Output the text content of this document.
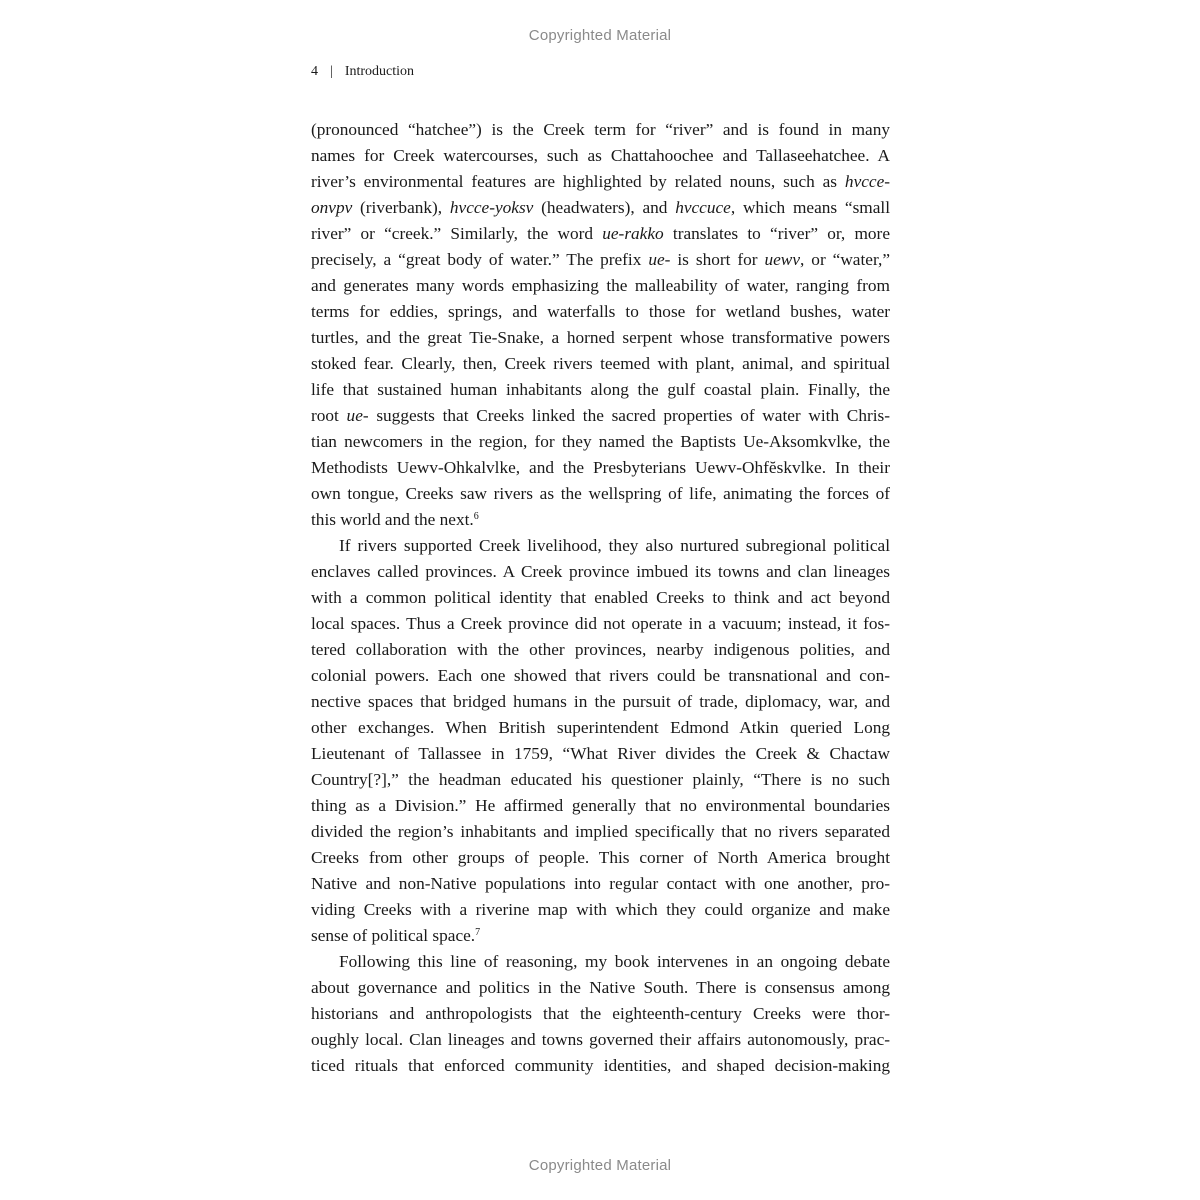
Copyrighted Material
4 | Introduction
(pronounced “hatchee”) is the Creek term for “river” and is found in many
names for Creek watercourses, such as Chattahoochee and Tallaseehatchee. A
river’s environmental features are highlighted by related nouns, such as hvcce-
onvpv (riverbank), hvcce-yoksv (headwaters), and hvccuce, which means “small
river” or “creek.” Similarly, the word ue-rakko translates to “river” or, more
precisely, a “great body of water.” The prefix ue- is short for uewv, or “water,”
and generates many words emphasizing the malleability of water, ranging from
terms for eddies, springs, and waterfalls to those for wetland bushes, water
turtles, and the great Tie-Snake, a horned serpent whose transformative powers
stoked fear. Clearly, then, Creek rivers teemed with plant, animal, and spiritual
life that sustained human inhabitants along the gulf coastal plain. Finally, the
root ue- suggests that Creeks linked the sacred properties of water with Chris-
tian newcomers in the region, for they named the Baptists Ue-Aksomkvlke, the
Methodists Uewv-Ohkalvlke, and the Presbyterians Uewv-Ohfĕskvlke. In their
own tongue, Creeks saw rivers as the wellspring of life, animating the forces of
this world and the next.$^6$
If rivers supported Creek livelihood, they also nurtured subregional political
enclaves called provinces. A Creek province imbued its towns and clan lineages
with a common political identity that enabled Creeks to think and act beyond
local spaces. Thus a Creek province did not operate in a vacuum; instead, it fos-
tered collaboration with the other provinces, nearby indigenous polities, and
colonial powers. Each one showed that rivers could be transnational and con-
nective spaces that bridged humans in the pursuit of trade, diplomacy, war, and
other exchanges. When British superintendent Edmond Atkin queried Long
Lieutenant of Tallassee in 1759, “What River divides the Creek & Chactaw
Country[?],” the headman educated his questioner plainly, “There is no such
thing as a Division.” He affirmed generally that no environmental boundaries
divided the region’s inhabitants and implied specifically that no rivers separated
Creeks from other groups of people. This corner of North America brought
Native and non-Native populations into regular contact with one another, pro-
viding Creeks with a riverine map with which they could organize and make
sense of political space.$^7$
Following this line of reasoning, my book intervenes in an ongoing debate
about governance and politics in the Native South. There is consensus among
historians and anthropologists that the eighteenth-century Creeks were thor-
oughly local. Clan lineages and towns governed their affairs autonomously, prac-
ticed rituals that enforced community identities, and shaped decision-making
Copyrighted Material
